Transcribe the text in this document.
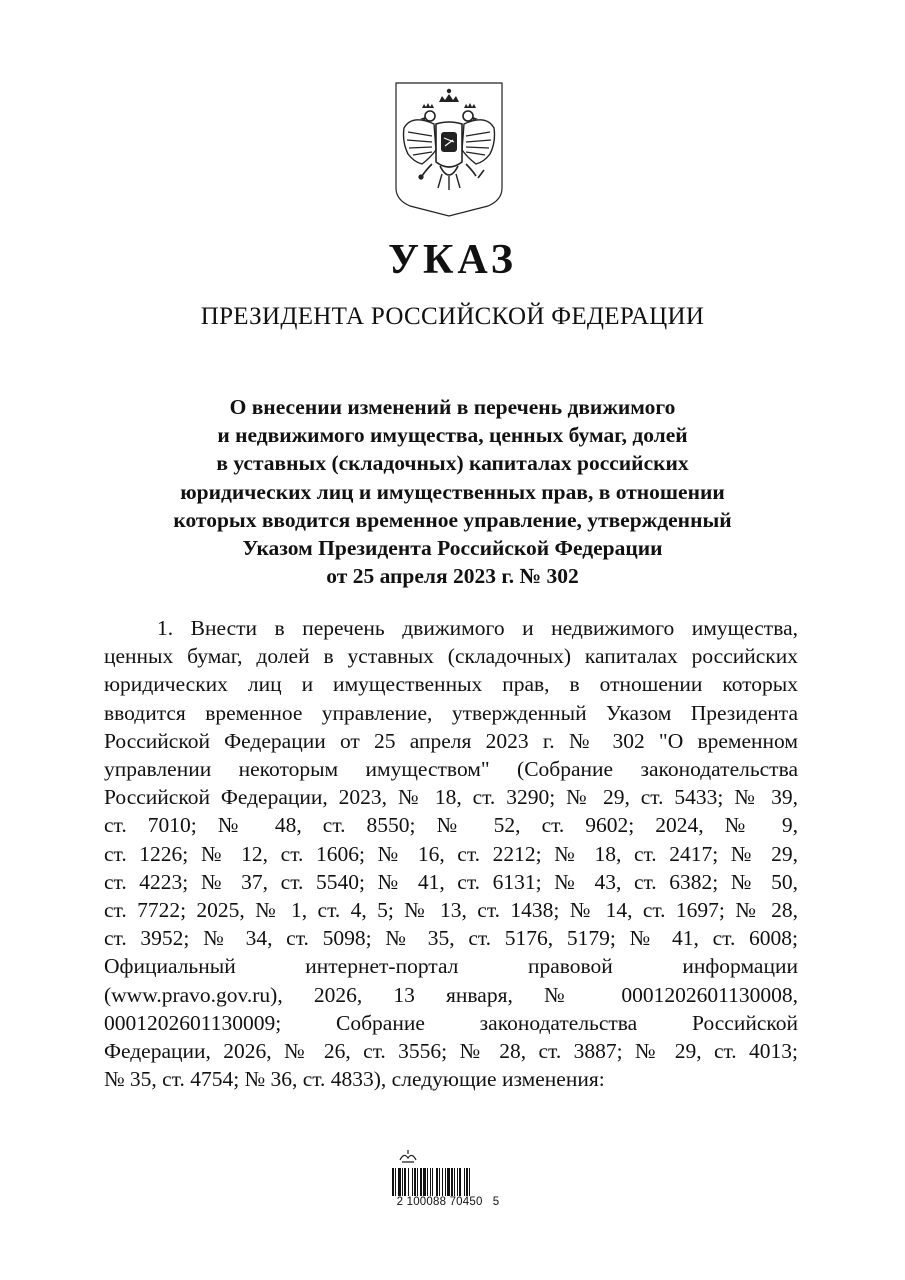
УКАЗ
ПРЕЗИДЕНТА РОССИЙСКОЙ ФЕДЕРАЦИИ
О внесении изменений в перечень движимого
и недвижимого имущества, ценных бумаг, долей
в уставных (складочных) капиталах российских
юридических лиц и имущественных прав, в отношении
которых вводится временное управление, утвержденный
Указом Президента Российской Федерации
от 25 апреля 2023 г. № 302
1. Внести в перечень движимого и недвижимого имущества,
ценных бумаг, долей в уставных (складочных) капиталах российских
юридических лиц и имущественных прав, в отношении которых
вводится временное управление, утвержденный Указом Президента
Российской Федерации от 25 апреля 2023 г. № 302 "О временном
управлении некоторым имуществом" (Собрание законодательства
Российской Федерации, 2023, № 18, ст. 3290; № 29, ст. 5433; № 39,
ст. 7010; № 48, ст. 8550; № 52, ст. 9602; 2024, № 9,
ст. 1226; № 12, ст. 1606; № 16, ст. 2212; № 18, ст. 2417; № 29,
ст. 4223; № 37, ст. 5540; № 41, ст. 6131; № 43, ст. 6382; № 50,
ст. 7722; 2025, № 1, ст. 4, 5; № 13, ст. 1438; № 14, ст. 1697; № 28,
ст. 3952; № 34, ст. 5098; № 35, ст. 5176, 5179; № 41, ст. 6008;
Официальный интернет-портал правовой информации
(www.pravo.gov.ru), 2026, 13 января, № 0001202601130008,
0001202601130009; Собрание законодательства Российской
Федерации, 2026, № 26, ст. 3556; № 28, ст. 3887; № 29, ст. 4013;
№ 35, ст. 4754; № 36, ст. 4833), следующие изменения:
2 100088 70450   5
